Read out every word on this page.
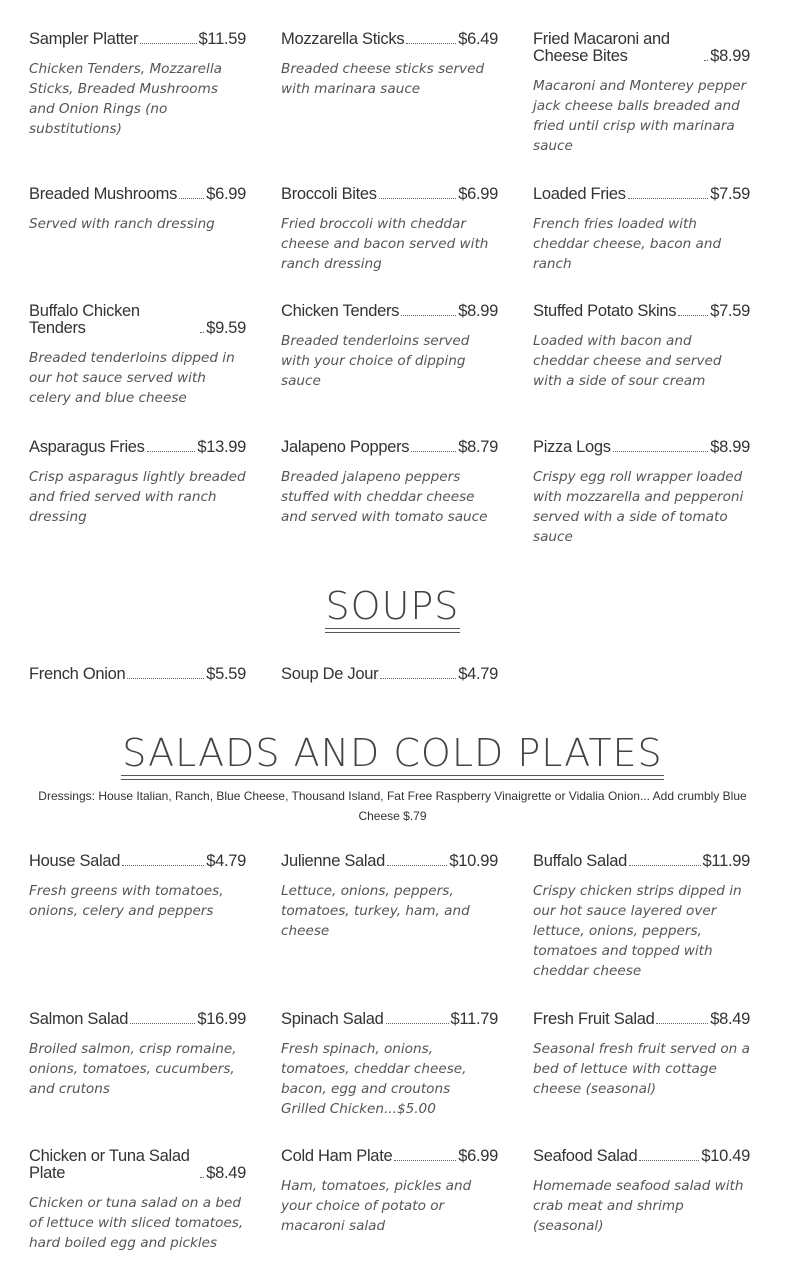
Sampler Platter	$11.59
Chicken Tenders, Mozzarella Sticks, Breaded Mushrooms and Onion Rings (no substitutions)
Mozzarella Sticks	$6.49
Breaded cheese sticks served with marinara sauce
Fried Macaroni and Cheese Bites	$8.99
Macaroni and Monterey pepper jack cheese balls breaded and fried until crisp with marinara sauce
Breaded Mushrooms $6.99
Served with ranch dressing
Broccoli Bites	$6.99
Fried broccoli with cheddar cheese and bacon served with ranch dressing
Loaded Fries	$7.59
French fries loaded with cheddar cheese, bacon and ranch
Buffalo Chicken Tenders	$9.59
Breaded tenderloins dipped in our hot sauce served with celery and blue cheese
Chicken Tenders	$8.99
Breaded tenderloins served with your choice of dipping sauce
Stuffed Potato Skins $7.59
Loaded with bacon and cheddar cheese and served with a side of sour cream
Asparagus Fries	$13.99
Crisp asparagus lightly breaded and fried served with ranch dressing
Jalapeno Poppers	$8.79
Breaded jalapeno peppers stuffed with cheddar cheese and served with tomato sauce
Pizza Logs	$8.99
Crispy egg roll wrapper loaded with mozzarella and pepperoni served with a side of tomato sauce
SOUPS
French Onion	$5.59 Soup De Jour	$4.79
SALADS AND COLD PLATES
Dressings: House Italian, Ranch, Blue Cheese, Thousand Island, Fat Free Raspberry Vinaigrette or Vidalia Onion... Add crumbly Blue Cheese $.79
House Salad	$4.79
Fresh greens with tomatoes, onions, celery and peppers
Julienne Salad	$10.99
Lettuce, onions, peppers, tomatoes, turkey, ham, and cheese
Buffalo Salad	$11.99
Crispy chicken strips dipped in our hot sauce layered over lettuce, onions, peppers, tomatoes and topped with cheddar cheese
Salmon Salad	$16.99
Broiled salmon, crisp romaine, onions, tomatoes, cucumbers, and crutons
Spinach Salad	$11.79
Fresh spinach, onions, tomatoes, cheddar cheese, bacon, egg and croutons
Grilled Chicken...$5.00
Fresh Fruit Salad	$8.49
Seasonal fresh fruit served on a bed of lettuce with cottage cheese (seasonal)
Chicken or Tuna Salad Plate	$8.49
Chicken or tuna salad on a bed of lettuce with sliced tomatoes, hard boiled egg and pickles
Cold Ham Plate	$6.99
Ham, tomatoes, pickles and your choice of potato or macaroni salad
Seafood Salad	$10.49
Homemade seafood salad with crab meat and shrimp (seasonal)
